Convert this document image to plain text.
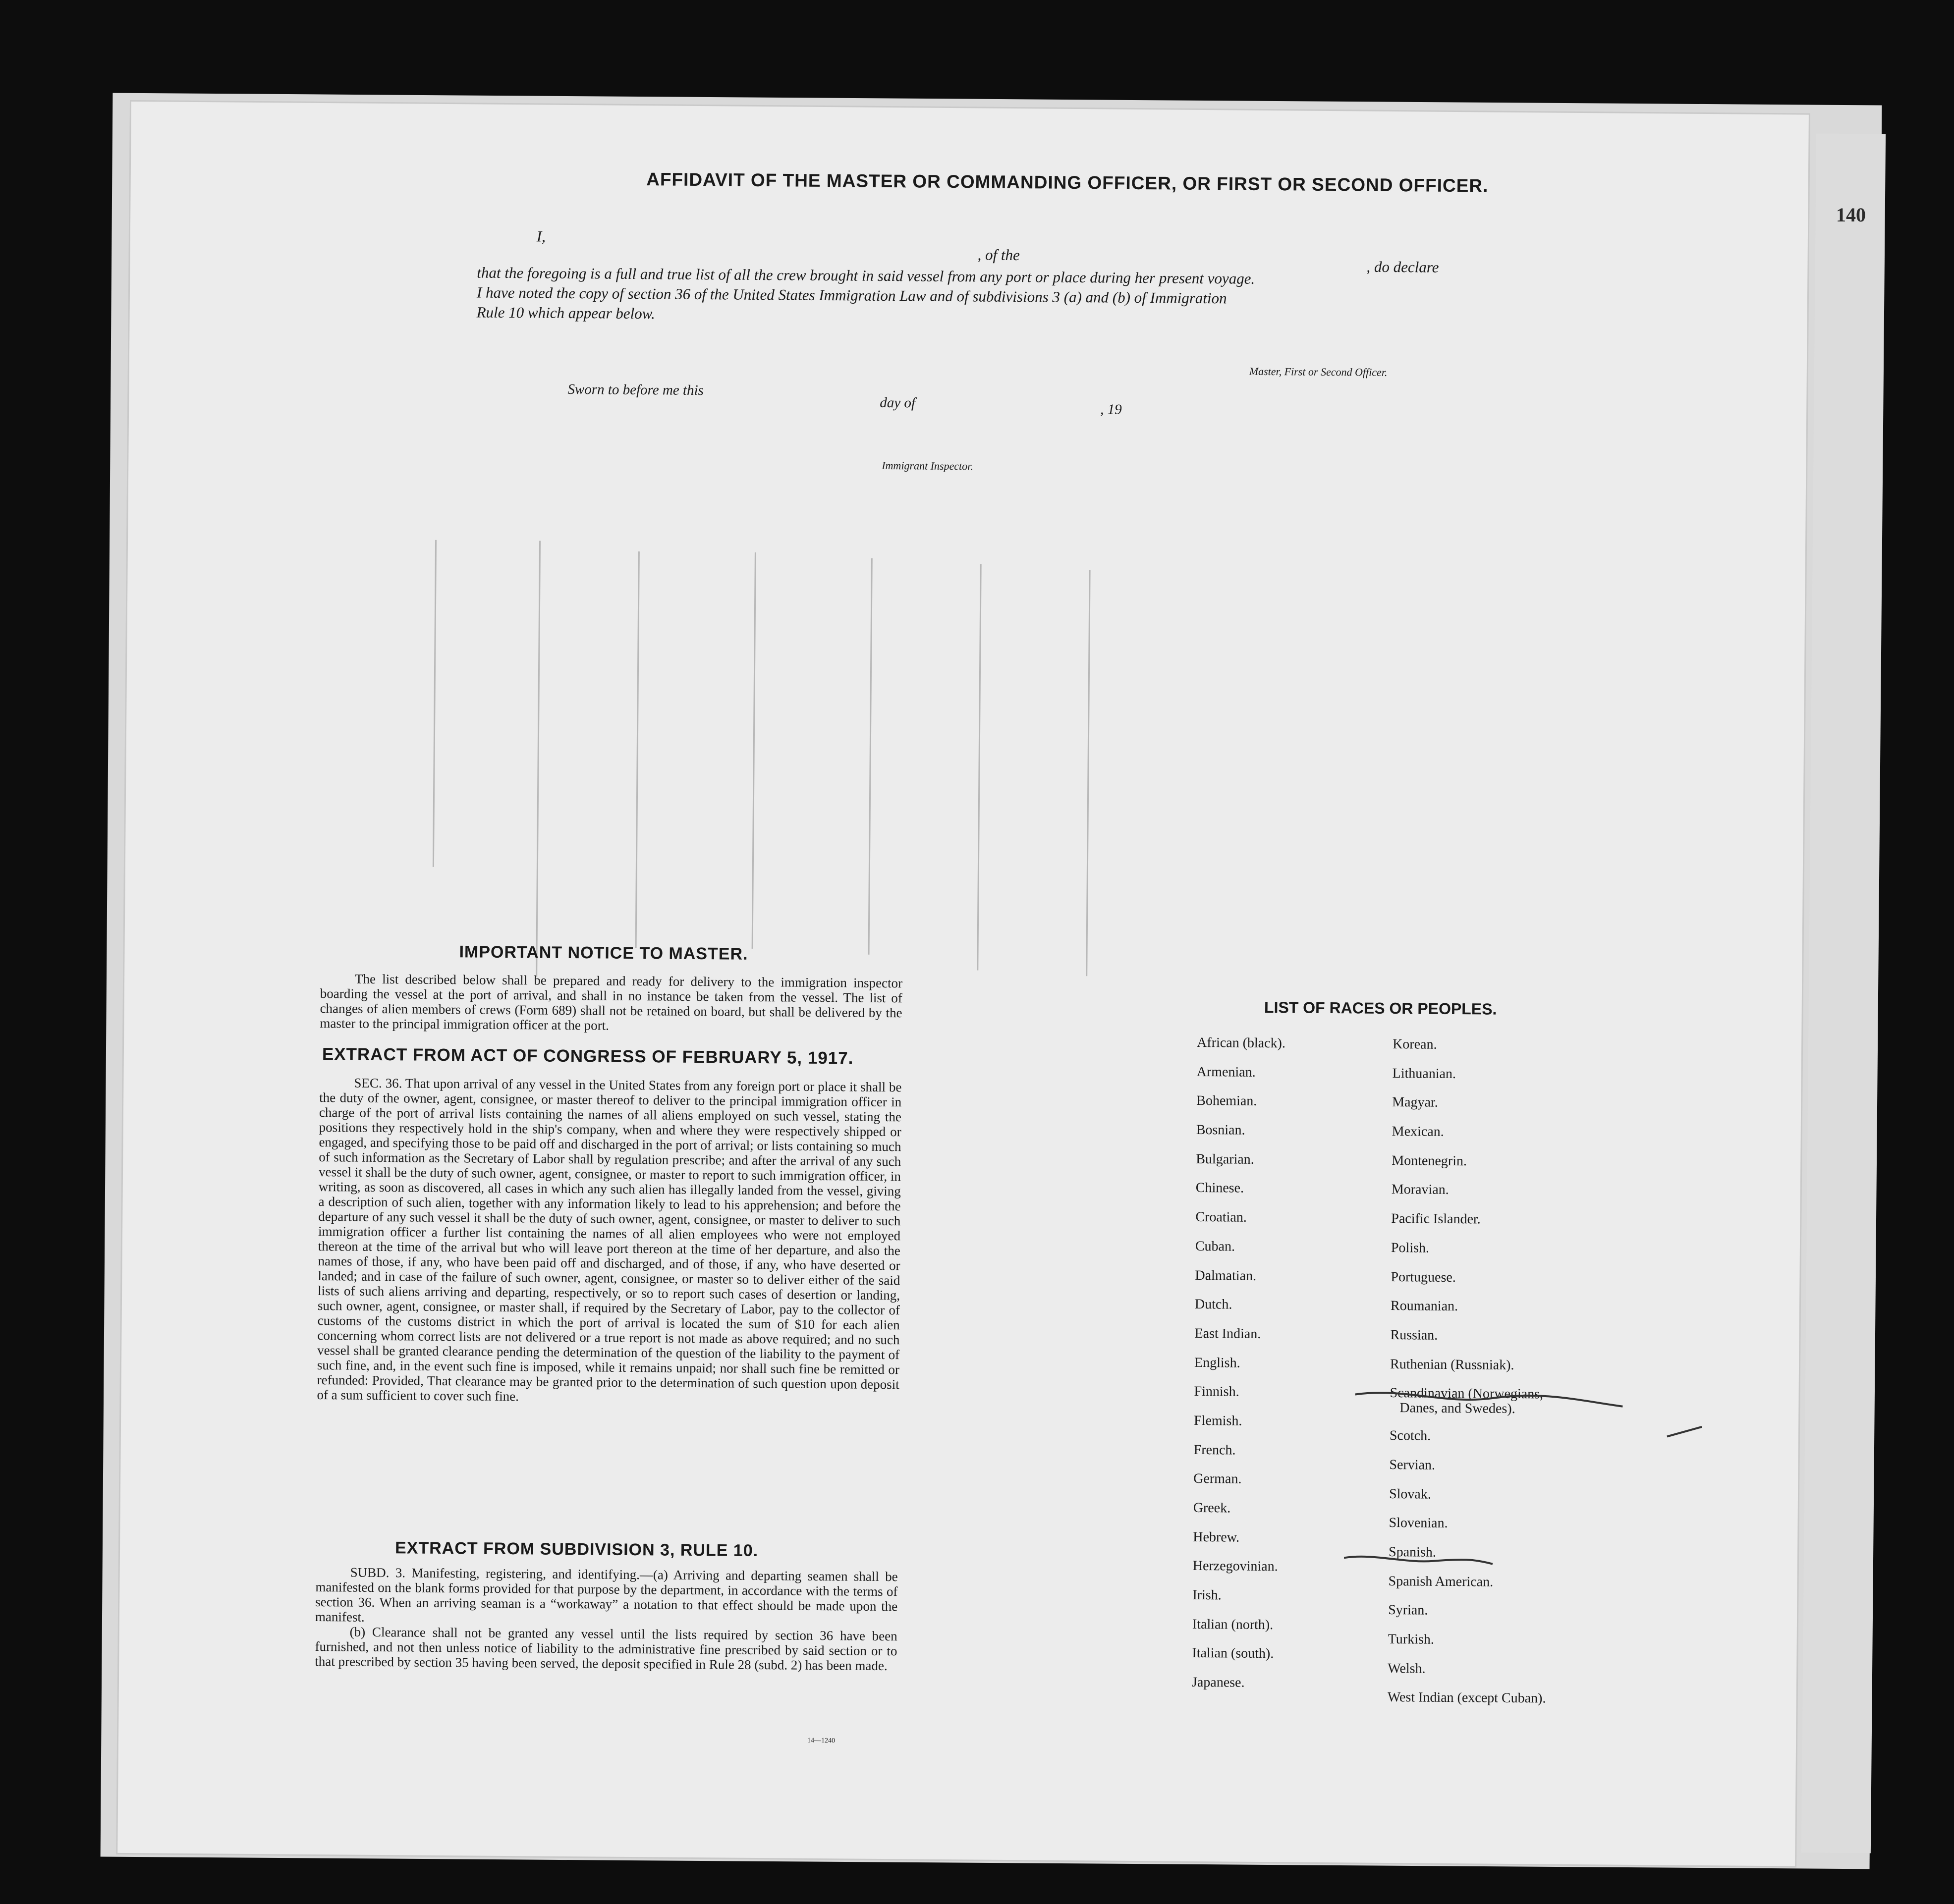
140
AFFIDAVIT OF THE MASTER OR COMMANDING OFFICER, OR FIRST OR SECOND OFFICER.
I,
, of the
, do declare
that the foregoing is a full and true list of all the crew brought in said vessel from any port or place during her present voyage.
I have noted the copy of section 36 of the United States Immigration Law and of subdivisions 3 (a) and (b) of Immigration
Rule 10 which appear below.
Master, First or Second Officer.
Sworn to before me this
day of	, 19
Immigrant Inspector.
IMPORTANT NOTICE TO MASTER.

The list described below shall be prepared and ready for delivery to the immigration inspector boarding the vessel at the port of arrival, and shall in no instance be taken from the vessel. The list of changes of alien members of crews (Form 689) shall not be retained on board, but shall be delivered by the master to the principal immigration officer at the port.

EXTRACT FROM ACT OF CONGRESS OF FEBRUARY 5, 1917.

SEC. 36. That upon arrival of any vessel in the United States from any foreign port or place it shall be the duty of the owner, agent, consignee, or master thereof to deliver to the principal immigration officer in charge of the port of arrival lists containing the names of all aliens employed on such vessel, stating the positions they respectively hold in the ship's company, when and where they were respectively shipped or engaged, and specifying those to be paid off and discharged in the port of arrival; or lists containing so much of such information as the Secretary of Labor shall by regulation prescribe; and after the arrival of any such vessel it shall be the duty of such owner, agent, consignee, or master to report to such immigration officer, in writing, as soon as discovered, all cases in which any such alien has illegally landed from the vessel, giving a description of such alien, together with any information likely to lead to his apprehension; and before the departure of any such vessel it shall be the duty of such owner, agent, consignee, or master to deliver to such immigration officer a further list containing the names of all alien employees who were not employed thereon at the time of the arrival but who will leave port thereon at the time of her departure, and also the names of those, if any, who have been paid off and discharged, and of those, if any, who have deserted or landed; and in case of the failure of such owner, agent, consignee, or master so to deliver either of the said lists of such aliens arriving and departing, respectively, or so to report such cases of desertion or landing, such owner, agent, consignee, or master shall, if required by the Secretary of Labor, pay to the collector of customs of the customs district in which the port of arrival is located the sum of $10 for each alien concerning whom correct lists are not delivered or a true report is not made as above required; and no such vessel shall be granted clearance pending the determination of the question of the liability to the payment of such fine, and, in the event such fine is imposed, while it remains unpaid; nor shall such fine be remitted or refunded: Provided, That clearance may be granted prior to the determination of such question upon deposit of a sum sufficient to cover such fine.

EXTRACT FROM SUBDIVISION 3, RULE 10.

SUBD. 3. Manifesting, registering, and identifying.—(a) Arriving and departing seamen shall be manifested on the blank forms provided for that purpose by the department, in accordance with the terms of section 36. When an arriving seaman is a “workaway” a notation to that effect should be made upon the manifest.

(b) Clearance shall not be granted any vessel until the lists required by section 36 have been furnished, and not then unless notice of liability to the administrative fine prescribed by said section or to that prescribed by section 35 having been served, the deposit specified in Rule 28 (subd. 2) has been made.

14—1240
LIST OF RACES OR PEOPLES.
African (black).
Armenian.
Bohemian.
Bosnian.
Bulgarian.
Chinese.
Croatian.
Cuban.
Dalmatian.
Dutch.
East Indian.
English.
Finnish.
Flemish.
French.
German.
Greek.
Hebrew.
Herzegovinian.
Irish.
Italian (north).
Italian (south).
Japanese.
Korean.
Lithuanian.
Magyar.
Mexican.
Montenegrin.
Moravian.
Pacific Islander.
Polish.
Portuguese.
Roumanian.
Russian.
Ruthenian (Russniak).
Scandinavian (Norwegians,
Danes, and Swedes).
Scotch.
Servian.
Slovak.
Slovenian.
Spanish.
Spanish American.
Syrian.
Turkish.
Welsh.
West Indian (except Cuban).
